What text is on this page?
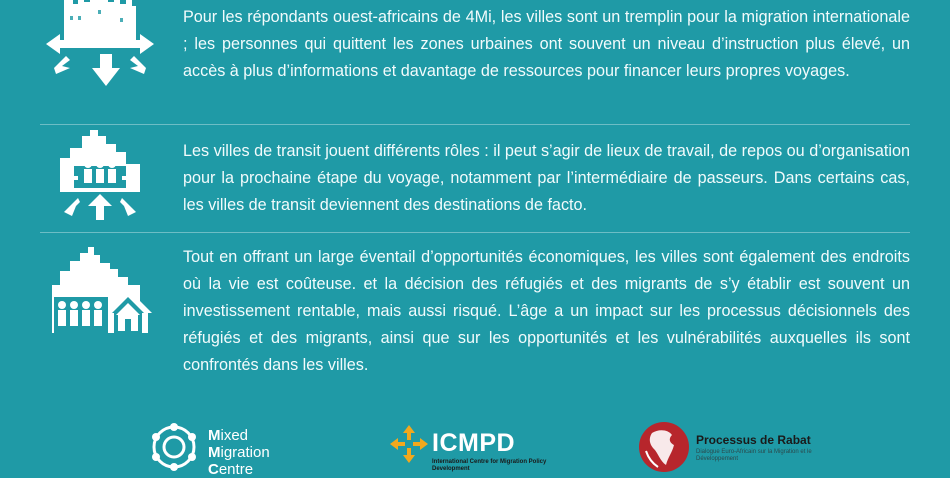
Pour les répondants ouest-africains de 4Mi, les villes sont un tremplin pour la migration internationale ; les personnes qui quittent les zones urbaines ont souvent un niveau d’instruction plus élevé, un accès à plus d’informations et davantage de ressources pour financer leurs propres voyages.
Les villes de transit jouent différents rôles : il peut s’agir de lieux de travail, de repos ou d’organisation pour la prochaine étape du voyage, notamment par l’intermédiaire de passeurs. Dans certains cas, les villes de transit deviennent des destinations de facto.
Tout en offrant un large éventail d’opportunités économiques, les villes sont également des endroits où la vie est coûteuse. et la décision des réfugiés et des migrants de s’y établir est souvent un investissement rentable, mais aussi risqué. L’âge a un impact sur les processus décisionnels des réfugiés et des migrants, ainsi que sur les opportunités et les vulnérabilités auxquelles ils sont confrontés dans les villes.
Mixed
Migration
Centre
ICMPD
International Centre for Migration Policy Development
Processus de Rabat
Dialogue Euro-Africain sur la Migration et le Développement
